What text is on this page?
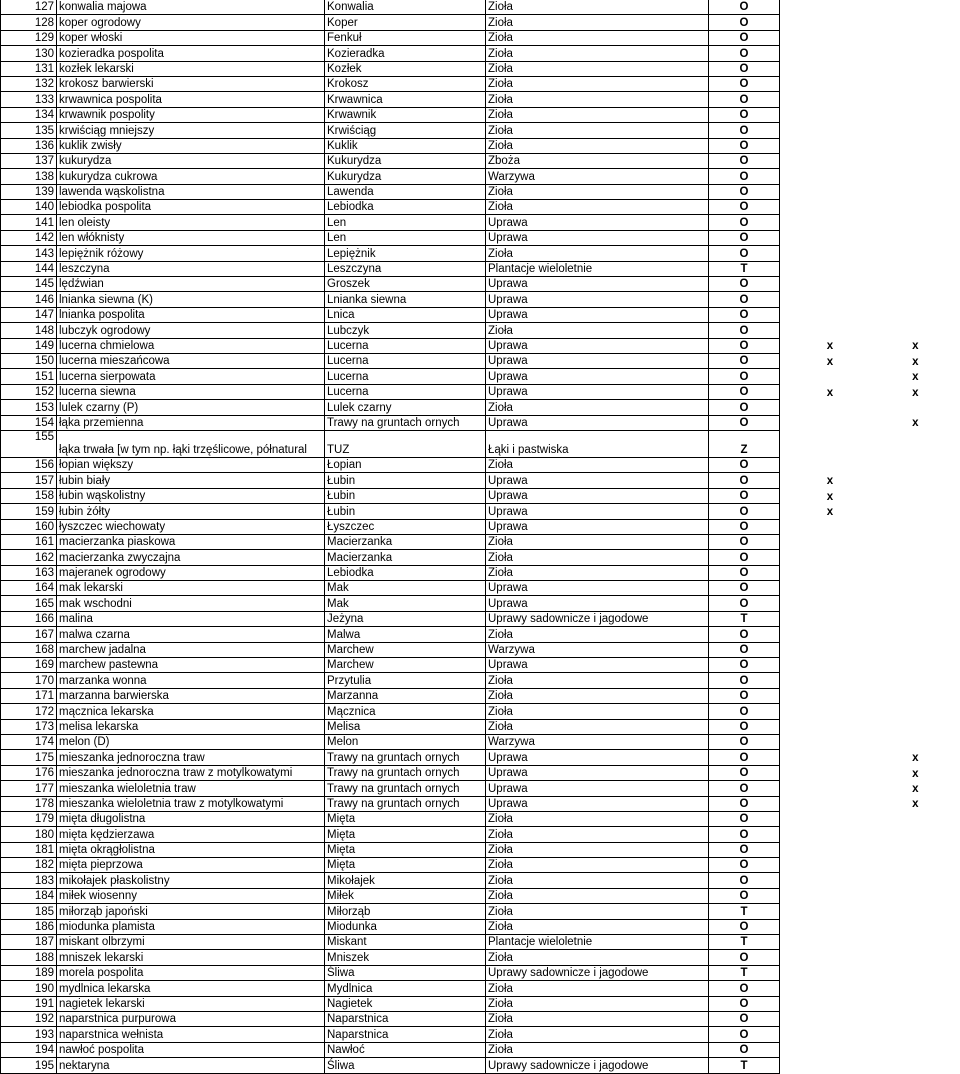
127	konwalia majowa	Konwalia	Zioła	O		
128	koper ogrodowy	Koper	Zioła	O		
129	koper włoski	Fenkuł	Zioła	O		
130	kozieradka pospolita	Kozieradka	Zioła	O		
131	kozłek lekarski	Kozłek	Zioła	O		
132	krokosz barwierski	Krokosz	Zioła	O		
133	krwawnica pospolita	Krwawnica	Zioła	O		
134	krwawnik pospolity	Krwawnik	Zioła	O		
135	krwiściąg mniejszy	Krwiściąg	Zioła	O		
136	kuklik zwisły	Kuklik	Zioła	O		
137	kukurydza	Kukurydza	Zboża	O		
138	kukurydza cukrowa	Kukurydza	Warzywa	O		
139	lawenda wąskolistna	Lawenda	Zioła	O		
140	lebiodka pospolita	Lebiodka	Zioła	O		
141	len oleisty	Len	Uprawa	O		
142	len włóknisty	Len	Uprawa	O		
143	lepiężnik różowy	Lepiężnik	Zioła	O		
144	leszczyna	Leszczyna	Plantacje wieloletnie	T		
145	lędźwian	Groszek	Uprawa	O		
146	lnianka siewna (K)	Lnianka siewna	Uprawa	O		
147	lnianka pospolita	Lnica	Uprawa	O		
148	lubczyk ogrodowy	Lubczyk	Zioła	O		
149	lucerna chmielowa	Lucerna	Uprawa	O	x	x
150	lucerna mieszańcowa	Lucerna	Uprawa	O	x	x
151	lucerna sierpowata	Lucerna	Uprawa	O		x
152	lucerna siewna	Lucerna	Uprawa	O	x	x
153	lulek czarny (P)	Lulek czarny	Zioła	O		
154	łąka przemienna	Trawy na gruntach ornych	Uprawa	O		x
155	łąka trwała [w tym np. łąki trzęślicowe, półnatural	TUZ	Łąki i pastwiska	Z		
156	łopian większy	Łopian	Zioła	O		
157	łubin biały	Łubin	Uprawa	O	x	
158	łubin wąskolistny	Łubin	Uprawa	O	x	
159	łubin żółty	Łubin	Uprawa	O	x	
160	łyszczec wiechowaty	Łyszczec	Uprawa	O		
161	macierzanka piaskowa	Macierzanka	Zioła	O		
162	macierzanka zwyczajna	Macierzanka	Zioła	O		
163	majeranek ogrodowy	Lebiodka	Zioła	O		
164	mak lekarski	Mak	Uprawa	O		
165	mak wschodni	Mak	Uprawa	O		
166	malina	Jeżyna	Uprawy sadownicze i jagodowe	T		
167	malwa czarna	Malwa	Zioła	O		
168	marchew jadalna	Marchew	Warzywa	O		
169	marchew pastewna	Marchew	Uprawa	O		
170	marzanka wonna	Przytulia	Zioła	O		
171	marzanna barwierska	Marzanna	Zioła	O		
172	mącznica lekarska	Mącznica	Zioła	O		
173	melisa lekarska	Melisa	Zioła	O		
174	melon (D)	Melon	Warzywa	O		
175	mieszanka jednoroczna traw	Trawy na gruntach ornych	Uprawa	O		x
176	mieszanka jednoroczna traw z motylkowatymi	Trawy na gruntach ornych	Uprawa	O		x
177	mieszanka wieloletnia traw	Trawy na gruntach ornych	Uprawa	O		x
178	mieszanka wieloletnia traw z motylkowatymi	Trawy na gruntach ornych	Uprawa	O		x
179	mięta długolistna	Mięta	Zioła	O		
180	mięta kędzierzawa	Mięta	Zioła	O		
181	mięta okrągłolistna	Mięta	Zioła	O		
182	mięta pieprzowa	Mięta	Zioła	O		
183	mikołajek płaskolistny	Mikołajek	Zioła	O		
184	miłek wiosenny	Miłek	Zioła	O		
185	miłorząb japoński	Miłorząb	Zioła	T		
186	miodunka plamista	Miodunka	Zioła	O		
187	miskant olbrzymi	Miskant	Plantacje wieloletnie	T		
188	mniszek lekarski	Mniszek	Zioła	O		
189	morela pospolita	Śliwa	Uprawy sadownicze i jagodowe	T		
190	mydlnica lekarska	Mydlnica	Zioła	O		
191	nagietek lekarski	Nagietek	Zioła	O		
192	naparstnica purpurowa	Naparstnica	Zioła	O		
193	naparstnica wełnista	Naparstnica	Zioła	O		
194	nawłoć pospolita	Nawłoć	Zioła	O		
195	nektaryna	Śliwa	Uprawy sadownicze i jagodowe	T		
